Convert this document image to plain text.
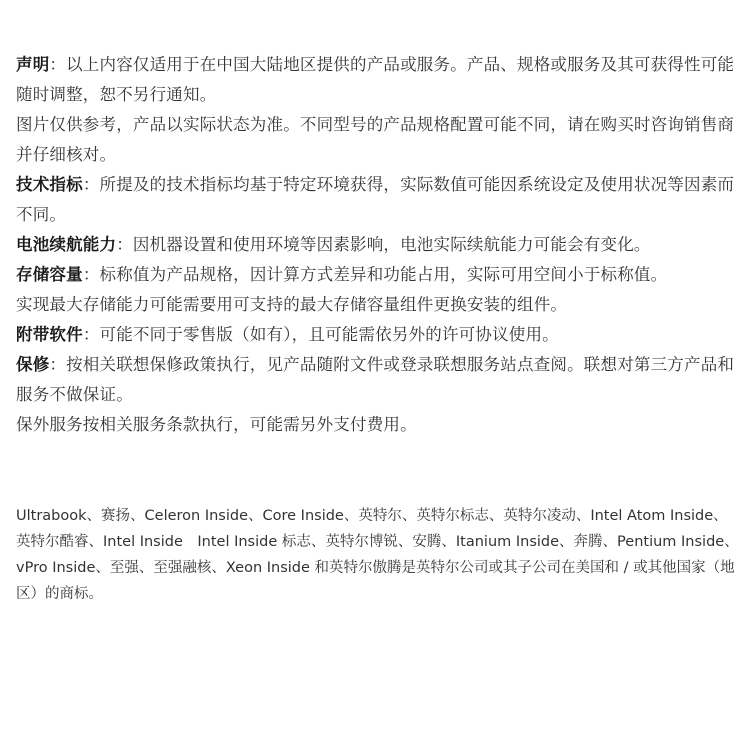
声明：以上内容仅适用于在中国大陆地区提供的产品或服务。产品、规格或服务及其可获得性可能随时调整，恕不另行通知。

图片仅供参考，产品以实际状态为准。不同型号的产品规格配置可能不同，请在购买时咨询销售商并仔细核对。

技术指标：所提及的技术指标均基于特定环境获得，实际数值可能因系统设定及使用状况等因素而不同。

电池续航能力：因机器设置和使用环境等因素影响，电池实际续航能力可能会有变化。

存储容量：标称值为产品规格，因计算方式差异和功能占用，实际可用空间小于标称值。

实现最大存储能力可能需要用可支持的最大存储容量组件更换安装的组件。

附带软件：可能不同于零售版（如有），且可能需依另外的许可协议使用。

保修：按相关联想保修政策执行，见产品随附文件或登录联想服务站点查阅。联想对第三方产品和服务不做保证。

保外服务按相关服务条款执行，可能需另外支付费用。

Ultrabook、赛扬、Celeron Inside、Core Inside、英特尔、英特尔标志、英特尔凌动、Intel Atom Inside、英特尔酷睿、Intel Inside　Intel Inside 标志、英特尔博锐、安腾、Itanium Inside、奔腾、Pentium Inside、vPro Inside、至强、至强融核、Xeon Inside 和英特尔傲腾是英特尔公司或其子公司在美国和 / 或其他国家（地区）的商标。
